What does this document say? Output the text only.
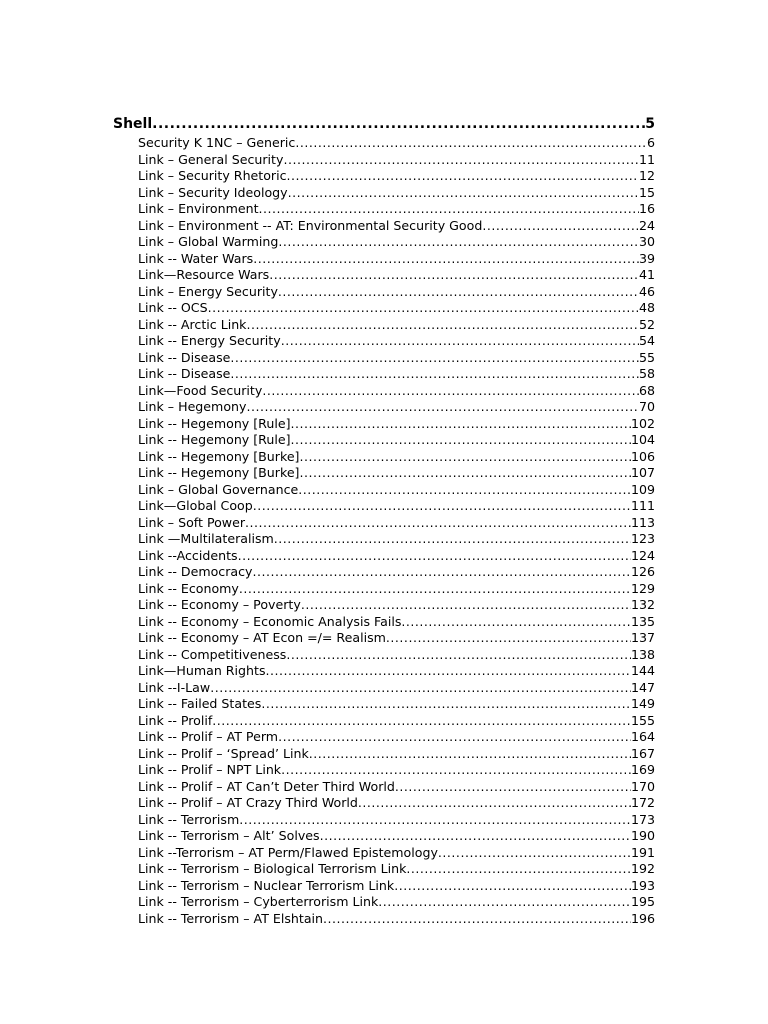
Shell .....	5
Security K 1NC – Generic .....	6
Link – General Security .....	11
Link – Security Rhetoric .....	12
Link – Security Ideology .....	15
Link – Environment .....	16
Link – Environment -- AT: Environmental Security Good .....	24
Link – Global Warming .....	30
Link -- Water Wars .....	39
Link—Resource Wars .....	41
Link – Energy Security .....	46
Link -- OCS .....	48
Link -- Arctic Link .....	52
Link -- Energy Security .....	54
Link -- Disease .....	55
Link -- Disease .....	58
Link—Food Security .....	68
Link – Hegemony .....	70
Link -- Hegemony [Rule] .....	102
Link -- Hegemony [Rule] .....	104
Link -- Hegemony [Burke] .....	106
Link -- Hegemony [Burke] .....	107
Link – Global Governance .....	109
Link—Global Coop .....	111
Link – Soft Power .....	113
Link —Multilateralism .....	123
Link --Accidents .....	124
Link -- Democracy .....	126
Link -- Economy .....	129
Link -- Economy – Poverty .....	132
Link -- Economy – Economic Analysis Fails .....	135
Link -- Economy – AT Econ =/= Realism .....	137
Link -- Competitiveness .....	138
Link—Human Rights .....	144
Link --I-Law .....	147
Link -- Failed States .....	149
Link -- Prolif .....	155
Link -- Prolif – AT Perm .....	164
Link -- Prolif – ‘Spread’ Link .....	167
Link -- Prolif – NPT Link .....	169
Link -- Prolif – AT Can’t Deter Third World .....	170
Link -- Prolif – AT Crazy Third World .....	172
Link -- Terrorism .....	173
Link -- Terrorism – Alt’ Solves .....	190
Link --Terrorism – AT Perm/Flawed Epistemology .....	191
Link -- Terrorism – Biological Terrorism Link .....	192
Link -- Terrorism – Nuclear Terrorism Link .....	193
Link -- Terrorism – Cyberterrorism Link .....	195
Link -- Terrorism – AT Elshtain .....	196
